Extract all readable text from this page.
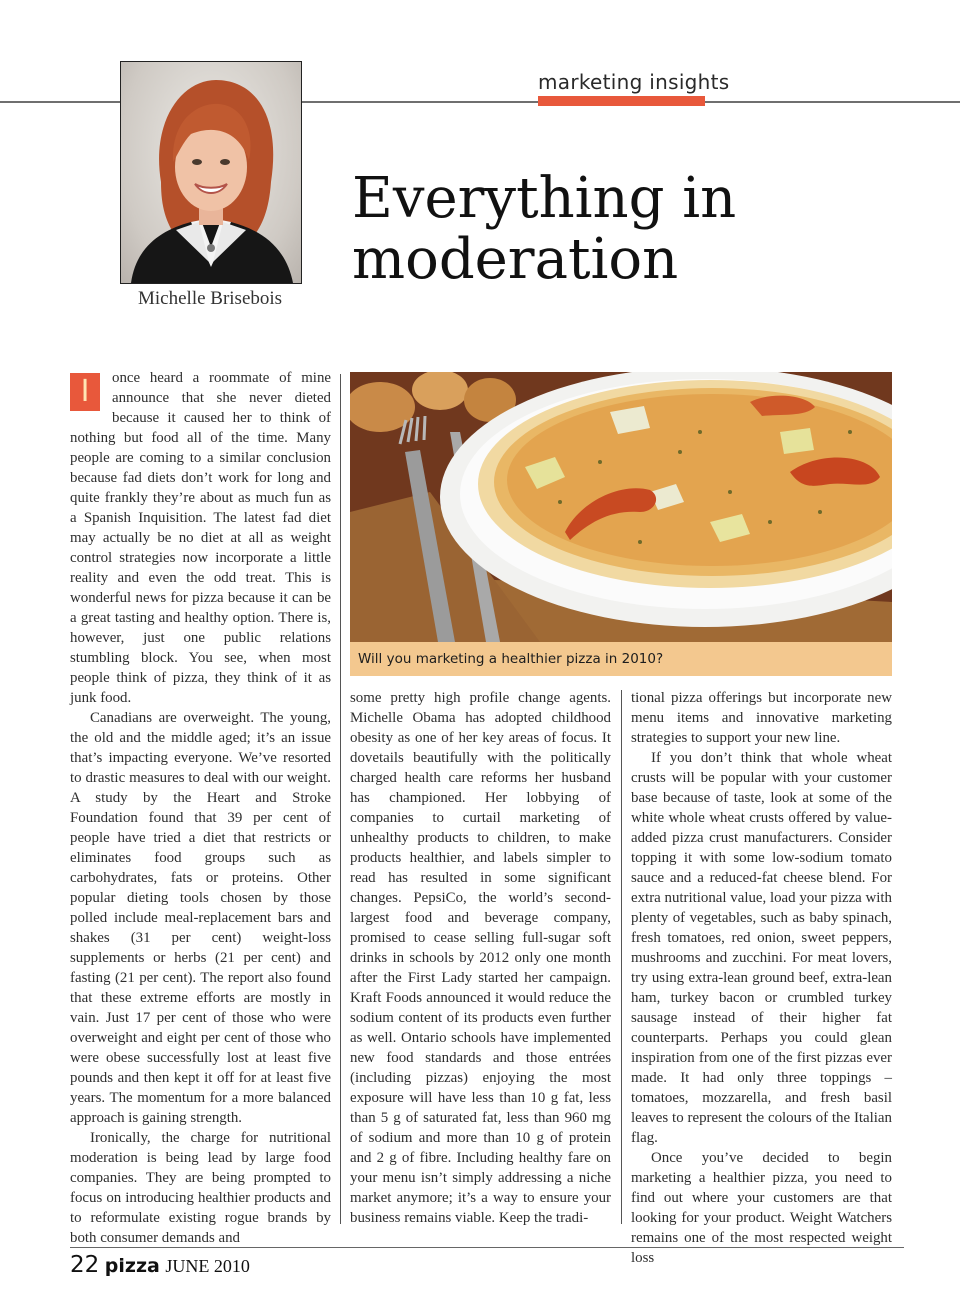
marketing insights
Michelle Brisebois
Everything in
moderation

I	once heard a roommate of mine announce that she never dieted because it caused her to think of nothing but food all of the time. Many people are coming to a similar conclusion because fad diets don’t work for long and quite frankly they’re about as much fun as a Spanish Inquisition. The latest fad diet may actually be no diet at all as weight control strategies now incorporate a little reality and even the odd treat. This is wonderful news for pizza because it can be a great tasting and healthy option. There is, however, just one public relations stumbling block. You see, when most people think of pizza, they think of it as junk food.

Canadians are overweight. The young, the old and the middle aged; it’s an issue that’s impacting everyone. We’ve resorted to drastic measures to deal with our weight. A study by the Heart and Stroke Foundation found that 39 per cent of people have tried a diet that restricts or eliminates food groups such as carbohydrates, fats or proteins. Other popular dieting tools chosen by those polled include meal-replacement bars and shakes (31 per cent) weight-loss supplements or herbs (21 per cent) and fasting (21 per cent). The report also found that these extreme efforts are mostly in vain. Just 17 per cent of those who were overweight and eight per cent of those who were obese successfully lost at least five pounds and then kept it off for at least five years. The momentum for a more balanced approach is gaining strength.

Ironically, the charge for nutritional moderation is being lead by large food companies. They are being prompted to focus on introducing healthier products and to reformulate existing rogue brands by both consumer demands and

Will you marketing a healthier pizza in 2010?

some pretty high profile change agents. Michelle Obama has adopted childhood obesity as one of her key areas of focus. It dovetails beautifully with the politically charged health care reforms her husband has championed. Her lobbying of companies to curtail marketing of unhealthy products to children, to make products healthier, and labels simpler to read has resulted in some significant changes. PepsiCo, the world’s second-largest food and beverage company, promised to cease selling full-sugar soft drinks in schools by 2012 only one month after the First Lady started her campaign. Kraft Foods announced it would reduce the sodium content of its products even further as well. Ontario schools have implemented new food standards and those entrées (including pizzas) enjoying the most exposure will have less than 10 g fat, less than 5 g of saturated fat, less than 960 mg of sodium and more than 10 g of protein and 2 g of fibre. Including healthy fare on your menu isn’t simply addressing a niche market anymore; it’s a way to ensure your business remains viable. Keep the tradi-

tional pizza offerings but incorporate new menu items and innovative marketing strategies to support your new line.

If you don’t think that whole wheat crusts will be popular with your customer base because of taste, look at some of the white whole wheat crusts offered by value-added pizza crust manufacturers. Consider topping it with some low-sodium tomato sauce and a reduced-fat cheese blend. For extra nutritional value, load your pizza with plenty of vegetables, such as baby spinach, fresh tomatoes, red onion, sweet peppers, mushrooms and zucchini. For meat lovers, try using extra-lean ground beef, extra-lean ham, turkey bacon or crumbled turkey sausage instead of their higher fat counterparts. Perhaps you could glean inspiration from one of the first pizzas ever made. It had only three toppings – tomatoes, mozzarella, and fresh basil leaves to represent the colours of the Italian flag.

Once you’ve decided to begin marketing a healthier pizza, you need to find out where your customers are that looking for your product. Weight Watchers remains one of the most respected weight loss

22 pizza JUNE 2010
